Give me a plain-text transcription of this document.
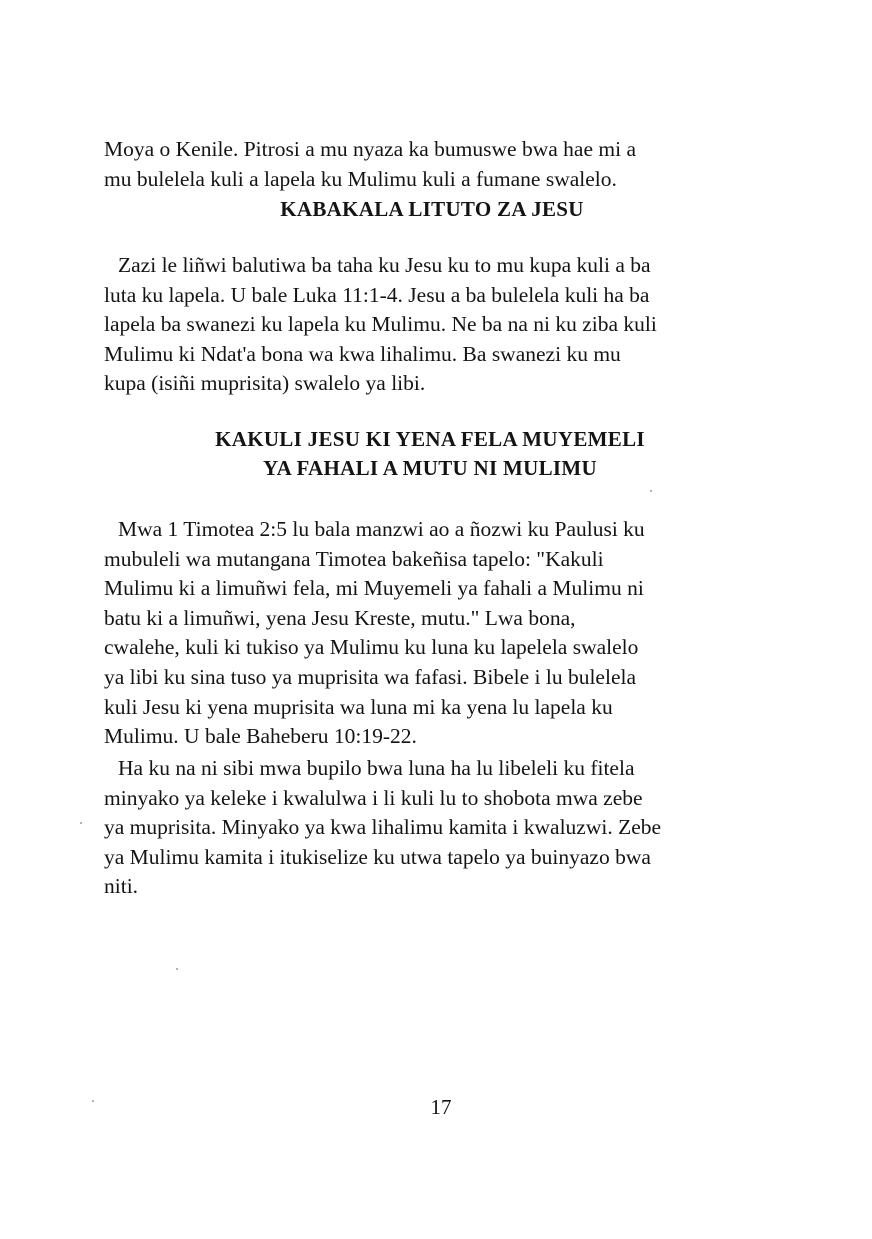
Moya o Kenile. Pitrosi a mu nyaza ka bumuswe bwa hae mi a
mu bulelela kuli a lapela ku Mulimu kuli a fumane swalelo.
KABAKALA LITUTO ZA JESU
Zazi le liñwi balutiwa ba taha ku Jesu ku to mu kupa kuli a ba
luta ku lapela. U bale Luka 11:1-4. Jesu a ba bulelela kuli ha ba
lapela ba swanezi ku lapela ku Mulimu. Ne ba na ni ku ziba kuli
Mulimu ki Ndat'a bona wa kwa lihalimu. Ba swanezi ku mu
kupa (isiñi muprisita) swalelo ya libi.
KAKULI JESU KI YENA FELA MUYEMELI
YA FAHALI A MUTU NI MULIMU
Mwa 1 Timotea 2:5 lu bala manzwi ao a ñozwi ku Paulusi ku
mubuleli wa mutangana Timotea bakeñisa tapelo: "Kakuli
Mulimu ki a limuñwi fela, mi Muyemeli ya fahali a Mulimu ni
batu ki a limuñwi, yena Jesu Kreste, mutu." Lwa bona,
cwalehe, kuli ki tukiso ya Mulimu ku luna ku lapelela swalelo
ya libi ku sina tuso ya muprisita wa fafasi. Bibele i lu bulelela
kuli Jesu ki yena muprisita wa luna mi ka yena lu lapela ku
Mulimu. U bale Baheberu 10:19-22.
Ha ku na ni sibi mwa bupilo bwa luna ha lu libeleli ku fitela
minyako ya keleke i kwalulwa i li kuli lu to shobota mwa zebe
ya muprisita. Minyako ya kwa lihalimu kamita i kwaluzwi. Zebe
ya Mulimu kamita i itukiselize ku utwa tapelo ya buinyazo bwa
niti.
17
